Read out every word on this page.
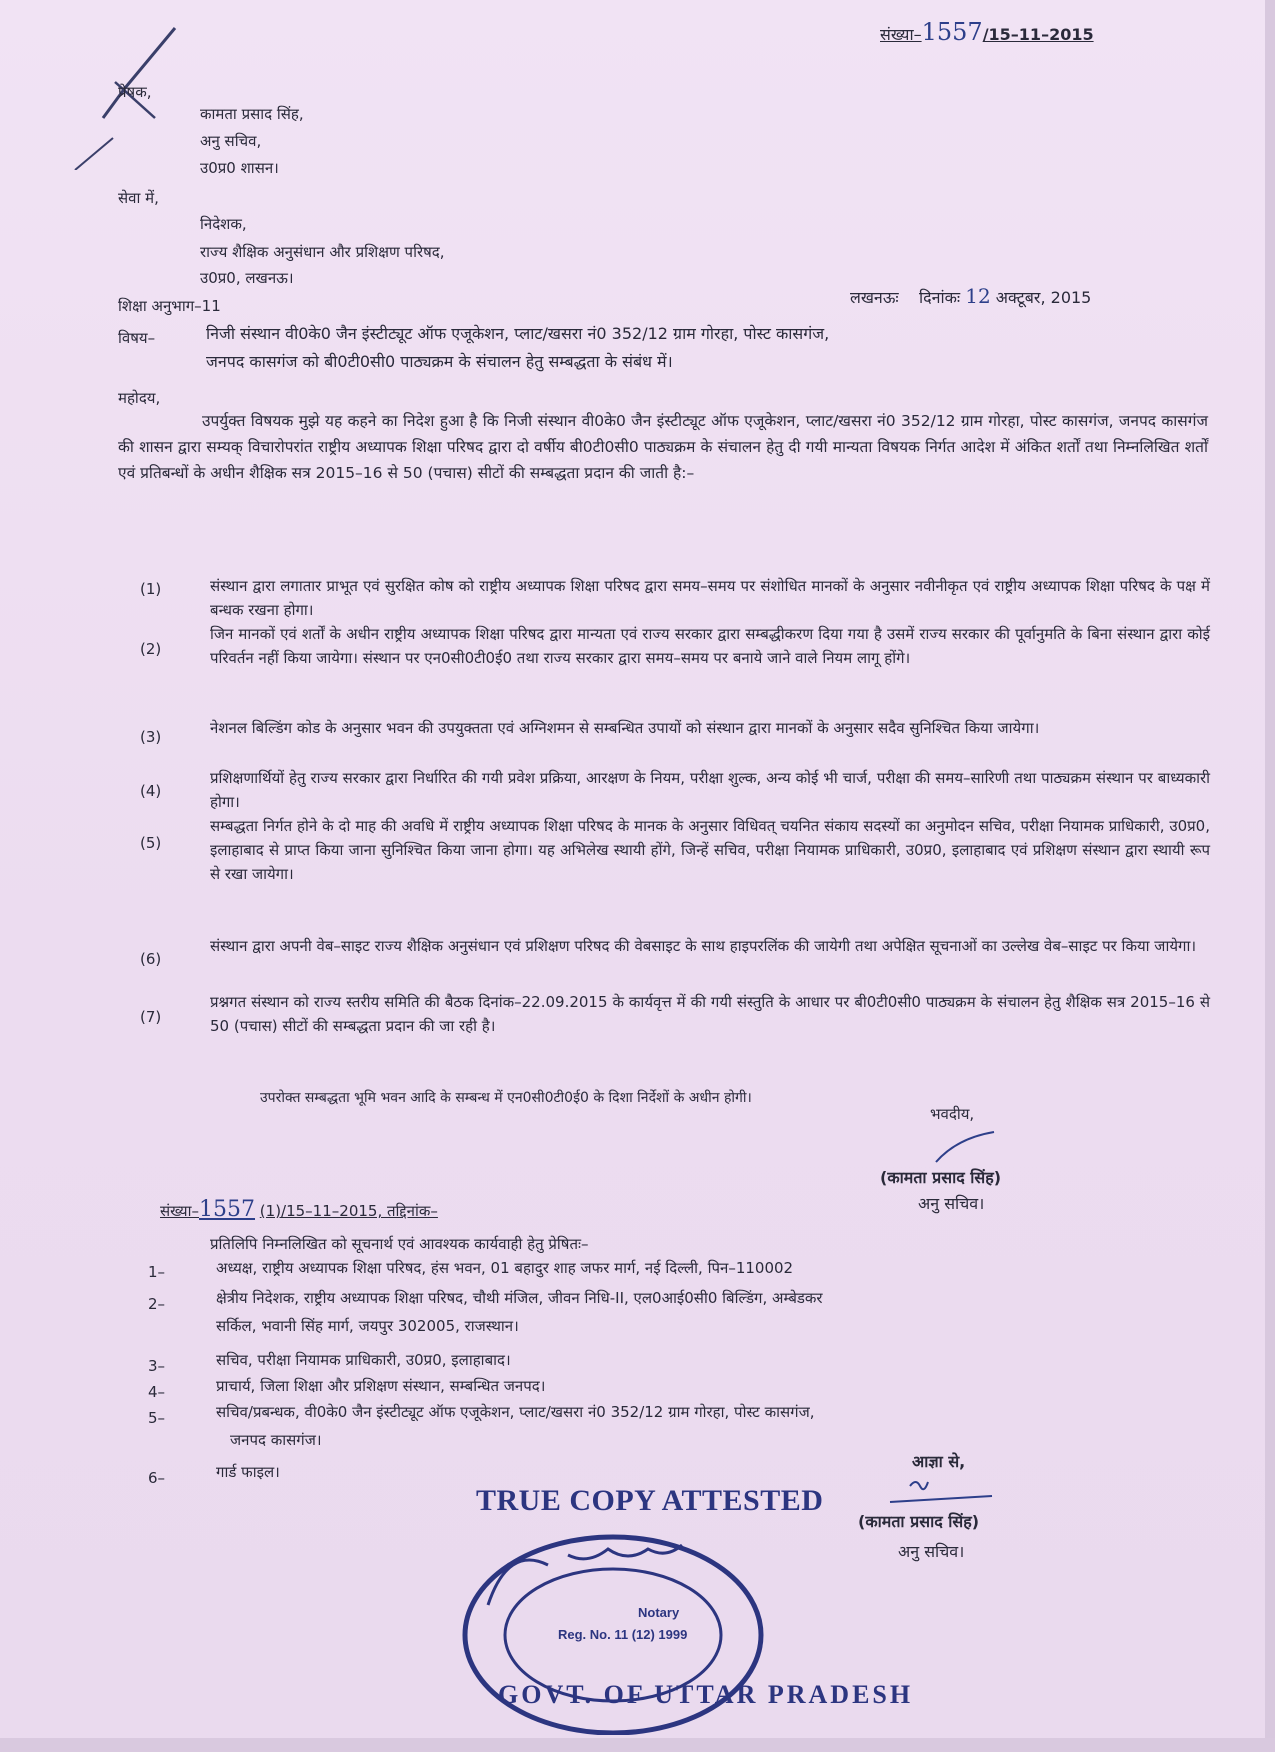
संख्या–1557/15–11–2015
प्रेषक,
कामता प्रसाद सिंह,
अनु सचिव,
उ0प्र0 शासन।
सेवा में,
निदेशक,
राज्य शैक्षिक अनुसंधान और प्रशिक्षण परिषद,
उ0प्र0, लखनऊ।
शिक्षा अनुभाग–11	लखनऊः दिनांकः 12 अक्टूबर, 2015
विषय–	निजी संस्थान वी0के0 जैन इंस्टीट्यूट ऑफ एजूकेशन, प्लाट/खसरा नं0 352/12 ग्राम गोरहा, पोस्ट कासगंज,
जनपद कासगंज को बी0टी0सी0 पाठ्यक्रम के संचालन हेतु सम्बद्धता के संबंध में।
महोदय,
उपर्युक्त विषयक मुझे यह कहने का निदेश हुआ है कि निजी संस्थान वी0के0 जैन इंस्टीट्यूट ऑफ एजूकेशन, प्लाट/खसरा नं0 352/12 ग्राम गोरहा, पोस्ट कासगंज, जनपद कासगंज की शासन द्वारा सम्यक् विचारोपरांत राष्ट्रीय अध्यापक शिक्षा परिषद द्वारा दो वर्षीय बी0टी0सी0 पाठ्यक्रम के संचालन हेतु दी गयी मान्यता विषयक निर्गत आदेश में अंकित शर्तों तथा निम्नलिखित शर्तों एवं प्रतिबन्धों के अधीन शैक्षिक सत्र 2015–16 से 50 (पचास) सीटों की सम्बद्धता प्रदान की जाती है:–
(1)	संस्थान द्वारा लगातार प्राभूत एवं सुरक्षित कोष को राष्ट्रीय अध्यापक शिक्षा परिषद द्वारा समय–समय पर संशोधित मानकों के अनुसार नवीनीकृत एवं राष्ट्रीय अध्यापक शिक्षा परिषद के पक्ष में बन्धक रखना होगा।
(2)
जिन मानकों एवं शर्तों के अधीन राष्ट्रीय अध्यापक शिक्षा परिषद द्वारा मान्यता एवं राज्य सरकार द्वारा सम्बद्धीकरण दिया गया है उसमें राज्य सरकार की पूर्वानुमति के बिना संस्थान द्वारा कोई परिवर्तन नहीं किया जायेगा। संस्थान पर एन0सी0टी0ई0 तथा राज्य सरकार द्वारा समय–समय पर बनाये जाने वाले नियम लागू होंगे।
(3)	नेशनल बिल्डिंग कोड के अनुसार भवन की उपयुक्तता एवं अग्निशमन से सम्बन्धित उपायों को संस्थान द्वारा मानकों के अनुसार सदैव सुनिश्चित किया जायेगा।
(4)
प्रशिक्षणार्थियों हेतु राज्य सरकार द्वारा निर्धारित की गयी प्रवेश प्रक्रिया, आरक्षण के नियम, परीक्षा शुल्क, अन्य कोई भी चार्ज, परीक्षा की समय–सारिणी तथा पाठ्यक्रम संस्थान पर बाध्यकारी होगा।
(5)
सम्बद्धता निर्गत होने के दो माह की अवधि में राष्ट्रीय अध्यापक शिक्षा परिषद के मानक के अनुसार विधिवत् चयनित संकाय सदस्यों का अनुमोदन सचिव, परीक्षा नियामक प्राधिकारी, उ0प्र0, इलाहाबाद से प्राप्त किया जाना सुनिश्चित किया जाना होगा। यह अभिलेख स्थायी होंगे, जिन्हें सचिव, परीक्षा नियामक प्राधिकारी, उ0प्र0, इलाहाबाद एवं प्रशिक्षण संस्थान द्वारा स्थायी रूप से रखा जायेगा।
(6)
संस्थान द्वारा अपनी वेब–साइट राज्य शैक्षिक अनुसंधान एवं प्रशिक्षण परिषद की वेबसाइट के साथ हाइपरलिंक की जायेगी तथा अपेक्षित सूचनाओं का उल्लेख वेब–साइट पर किया जायेगा।
(7)
प्रश्नगत संस्थान को राज्य स्तरीय समिति की बैठक दिनांक–22.09.2015 के कार्यवृत्त में की गयी संस्तुति के आधार पर बी0टी0सी0 पाठ्यक्रम के संचालन हेतु शैक्षिक सत्र 2015–16 से 50 (पचास) सीटों की सम्बद्धता प्रदान की जा रही है।
उपरोक्त सम्बद्धता भूमि भवन आदि के सम्बन्ध में एन0सी0टी0ई0 के दिशा निर्देशों के अधीन होगी।
भवदीय,
(कामता प्रसाद सिंह)
अनु सचिव।
संख्या–1557 (1)/15–11–2015, तद्दिनांक–
प्रतिलिपि निम्नलिखित को सूचनार्थ एवं आवश्यक कार्यवाही हेतु प्रेषितः–
1–	अध्यक्ष, राष्ट्रीय अध्यापक शिक्षा परिषद, हंस भवन, 01 बहादुर शाह जफर मार्ग, नई दिल्ली, पिन–110002
2–	क्षेत्रीय निदेशक, राष्ट्रीय अध्यापक शिक्षा परिषद, चौथी मंजिल, जीवन निधि-II, एल0आई0सी0 बिल्डिंग, अम्बेडकर
सर्किल, भवानी सिंह मार्ग, जयपुर 302005, राजस्थान।
3–	सचिव, परीक्षा नियामक प्राधिकारी, उ0प्र0, इलाहाबाद।
4–	प्राचार्य, जिला शिक्षा और प्रशिक्षण संस्थान, सम्बन्धित जनपद।
5–	सचिव/प्रबन्धक, वी0के0 जैन इंस्टीट्यूट ऑफ एजूकेशन, प्लाट/खसरा नं0 352/12 ग्राम गोरहा, पोस्ट कासगंज,
जनपद कासगंज।
6–	गार्ड फाइल।
आज्ञा से,
(कामता प्रसाद सिंह)
अनु सचिव।
TRUE COPY ATTESTED
GOVT. OF UTTAR PRADESH
Notary
Reg. No. 11 (12) 1999
